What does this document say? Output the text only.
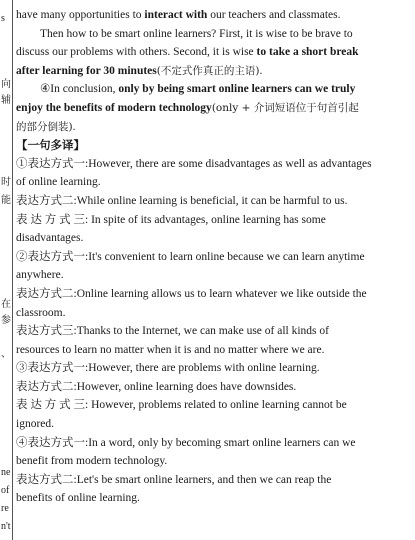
s
向
辅
时
能
在
参
、
ne
of
re
n't
have many opportunities to interact with our teachers and classmates.
Then how to be smart online learners? First, it is wise to be brave to
discuss our problems with others. Second, it is wise to take a short break
after learning for 30 minutes(不定式作真正的主语).
④In conclusion, only by being smart online learners can we truly
enjoy the benefits of modern technology(only + 介词短语位于句首引起
的部分倒装).
【一句多译】
①表达方式一:However, there are some disadvantages as well as advantages
of online learning.
表达方式二:While online learning is beneficial, it can be harmful to us.
表 达 方 式 三: In spite of its advantages, online learning has some
disadvantages.
②表达方式一:It's convenient to learn online because we can learn anytime
anywhere.
表达方式二:Online learning allows us to learn whatever we like outside the
classroom.
表达方式三:Thanks to the Internet, we can make use of all kinds of
resources to learn no matter when it is and no matter where we are.
③表达方式一:However, there are problems with online learning.
表达方式二:However, online learning does have downsides.
表 达 方 式 三: However, problems related to online learning cannot be
ignored.
④表达方式一:In a word, only by becoming smart online learners can we
benefit from modern technology.
表达方式二:Let's be smart online learners, and then we can reap the
benefits of online learning.
